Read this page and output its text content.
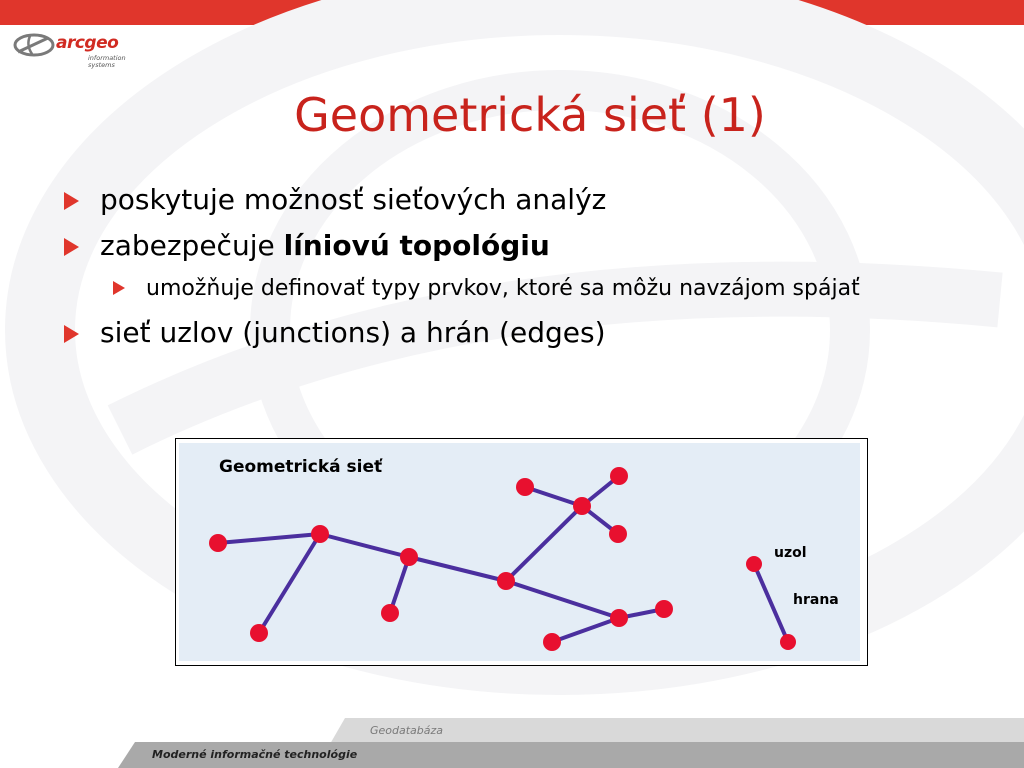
arcgeo
information systems
Geometrická sieť (1)
poskytuje možnosť sieťových analýz
zabezpečuje líniovú topológiu
umožňuje definovať typy prvkov, ktoré sa môžu navzájom spájať
sieť uzlov (junctions) a hrán (edges)
Geometrická sieť
uzol
hrana
Geodatabáza
Moderné informačné technológie
